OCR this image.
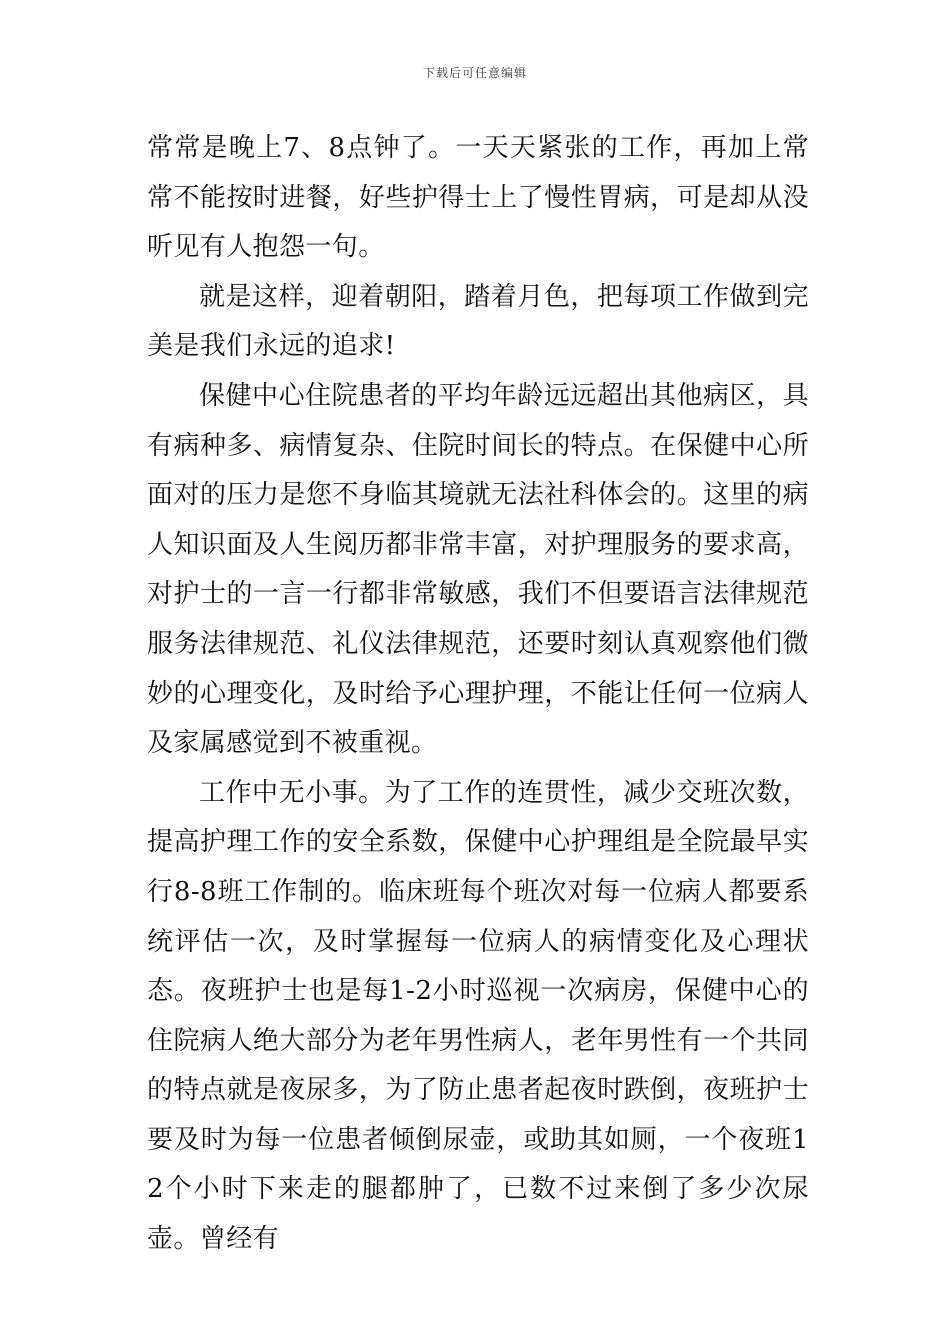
下载后可任意编辑

常常是晚上7、8点钟了。一天天紧张的工作，再加上常常不能按时进餐，好些护得士上了慢性胃病，可是却从没听见有人抱怨一句。

就是这样，迎着朝阳，踏着月色，把每项工作做到完美是我们永远的追求!

保健中心住院患者的平均年龄远远超出其他病区，具有病种多、病情复杂、住院时间长的特点。在保健中心所面对的压力是您不身临其境就无法社科体会的。这里的病人知识面及人生阅历都非常丰富，对护理服务的要求高，对护士的一言一行都非常敏感，我们不但要语言法律规范服务法律规范、礼仪法律规范，还要时刻认真观察他们微妙的心理变化，及时给予心理护理，不能让任何一位病人及家属感觉到不被重视。

工作中无小事。为了工作的连贯性，减少交班次数，提高护理工作的安全系数，保健中心护理组是全院最早实行8-8班工作制的。临床班每个班次对每一位病人都要系统评估一次，及时掌握每一位病人的病情变化及心理状态。夜班护士也是每1-2小时巡视一次病房，保健中心的住院病人绝大部分为老年男性病人，老年男性有一个共同的特点就是夜尿多，为了防止患者起夜时跌倒，夜班护士要及时为每一位患者倾倒尿壶，或助其如厕，一个夜班12个小时下来走的腿都肿了，已数不过来倒了多少次尿壶。曾经有
